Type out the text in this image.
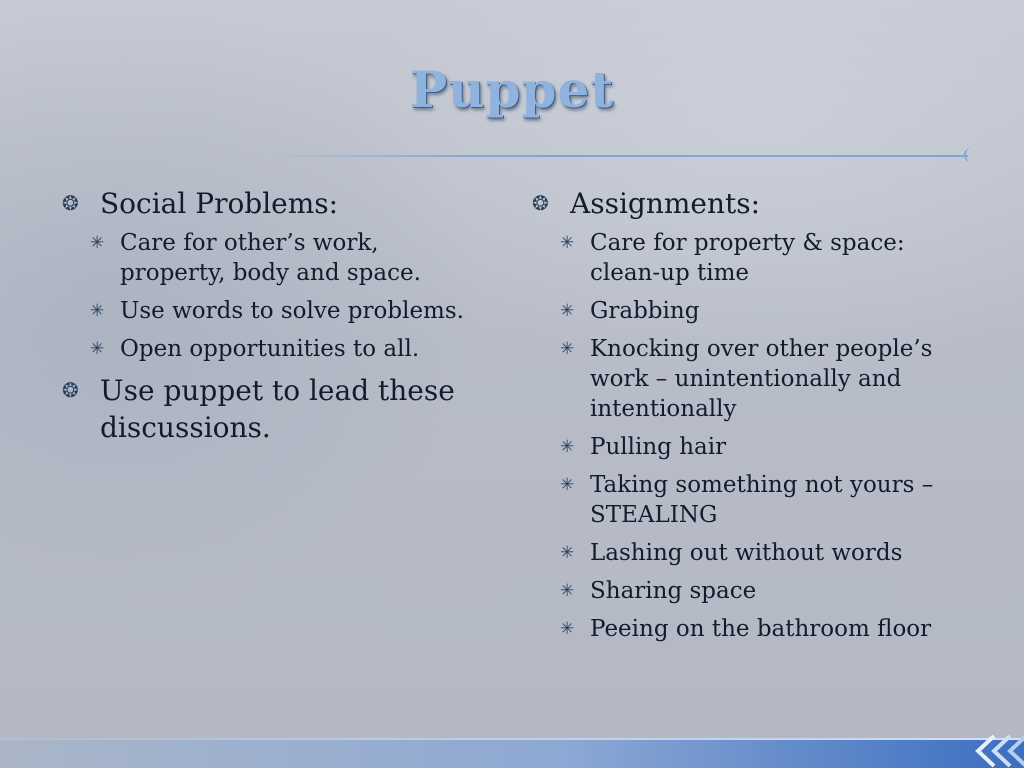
Puppet
❂ Social Problems:
✳ Care for other’s work, property, body and space.
✳ Use words to solve problems.
✳ Open opportunities to all.
❂ Use puppet to lead these discussions.
❂ Assignments:
✳ Care for property & space: clean-up time
✳ Grabbing
✳ Knocking over other people’s work – unintentionally and intentionally
✳ Pulling hair
✳ Taking something not yours – STEALING
✳ Lashing out without words
✳ Sharing space
✳ Peeing on the bathroom floor
